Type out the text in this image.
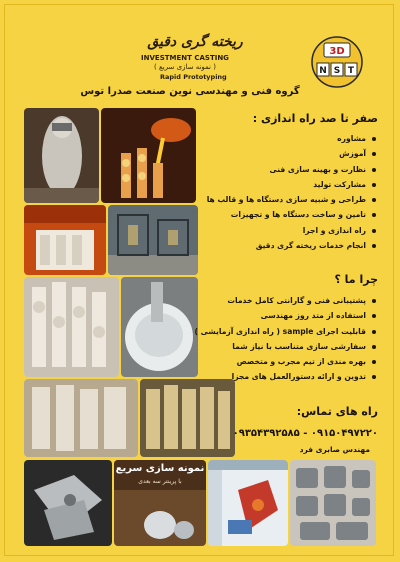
ریخته گری دقیق
INVESTMENT CASTING
( نمونه سازی سریع )
Rapid Prototyping
گروه فنی و مهندسی نوین صنعت صدرا توس
3D
N S T
نمونه سازی سریع
با پرینتر سه بعدی
صفر تا صد راه اندازی :
مشاوره
آموزش
نظارت و بهینه سازی فنی
مشارکت تولید
طراحی و شبیه سازی دستگاه ها و قالب ها
تامین و ساخت دستگاه ها و تجهیزات
راه اندازی و اجرا
انجام خدمات ریخته گری دقیق
چرا ما ؟
پشتیبانی فنی و گارانتی کامل خدمات
استفاده از متد روز مهندسی
قابلیت اجرای sample ( راه اندازی آزمایشی )
سفارشی سازی متناسب با نیاز شما
بهره مندی از تیم مجرب و متخصص
تدوین و ارائه دستورالعمل های مجزا
راه های تماس:
۰۹۳۵۴۳۹۲۵۸۵ - ۰۹۱۵۰۴۹۷۲۲۰
مهندس صابری فرد
